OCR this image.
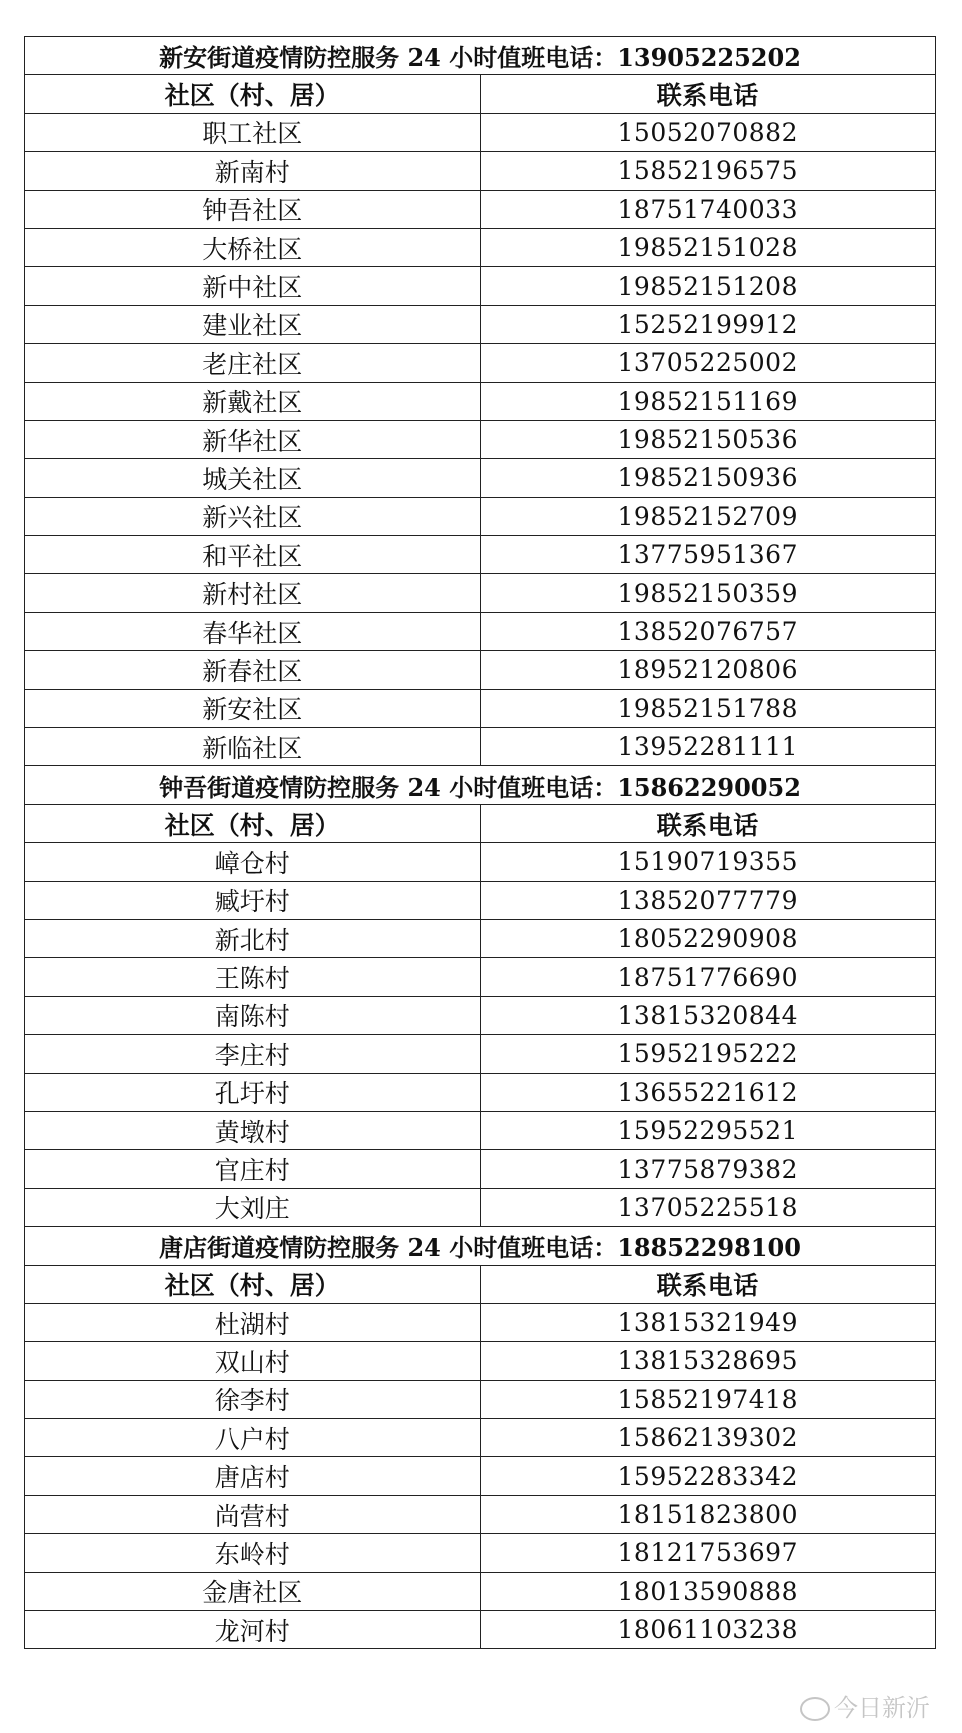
新安街道疫情防控服务 24 小时值班电话：13905225202	
社区（村、居）	联系电话
职工社区	15052070882
新南村	15852196575
钟吾社区	18751740033
大桥社区	19852151028
新中社区	19852151208
建业社区	15252199912
老庄社区	13705225002
新戴社区	19852151169
新华社区	19852150536
城关社区	19852150936
新兴社区	19852152709
和平社区	13775951367
新村社区	19852150359
春华社区	13852076757
新春社区	18952120806
新安社区	19852151788
新临社区	13952281111
钟吾街道疫情防控服务 24 小时值班电话：15862290052	
社区（村、居）	联系电话
嶂仓村	15190719355
臧圩村	13852077779
新北村	18052290908
王陈村	18751776690
南陈村	13815320844
李庄村	15952195222
孔圩村	13655221612
黄墩村	15952295521
官庄村	13775879382
大刘庄	13705225518
唐店街道疫情防控服务 24 小时值班电话：18852298100	
社区（村、居）	联系电话
杜湖村	13815321949
双山村	13815328695
徐李村	15852197418
八户村	15862139302
唐店村	15952283342
尚营村	18151823800
东岭村	18121753697
金唐社区	18013590888
龙河村	18061103238
今日新沂
